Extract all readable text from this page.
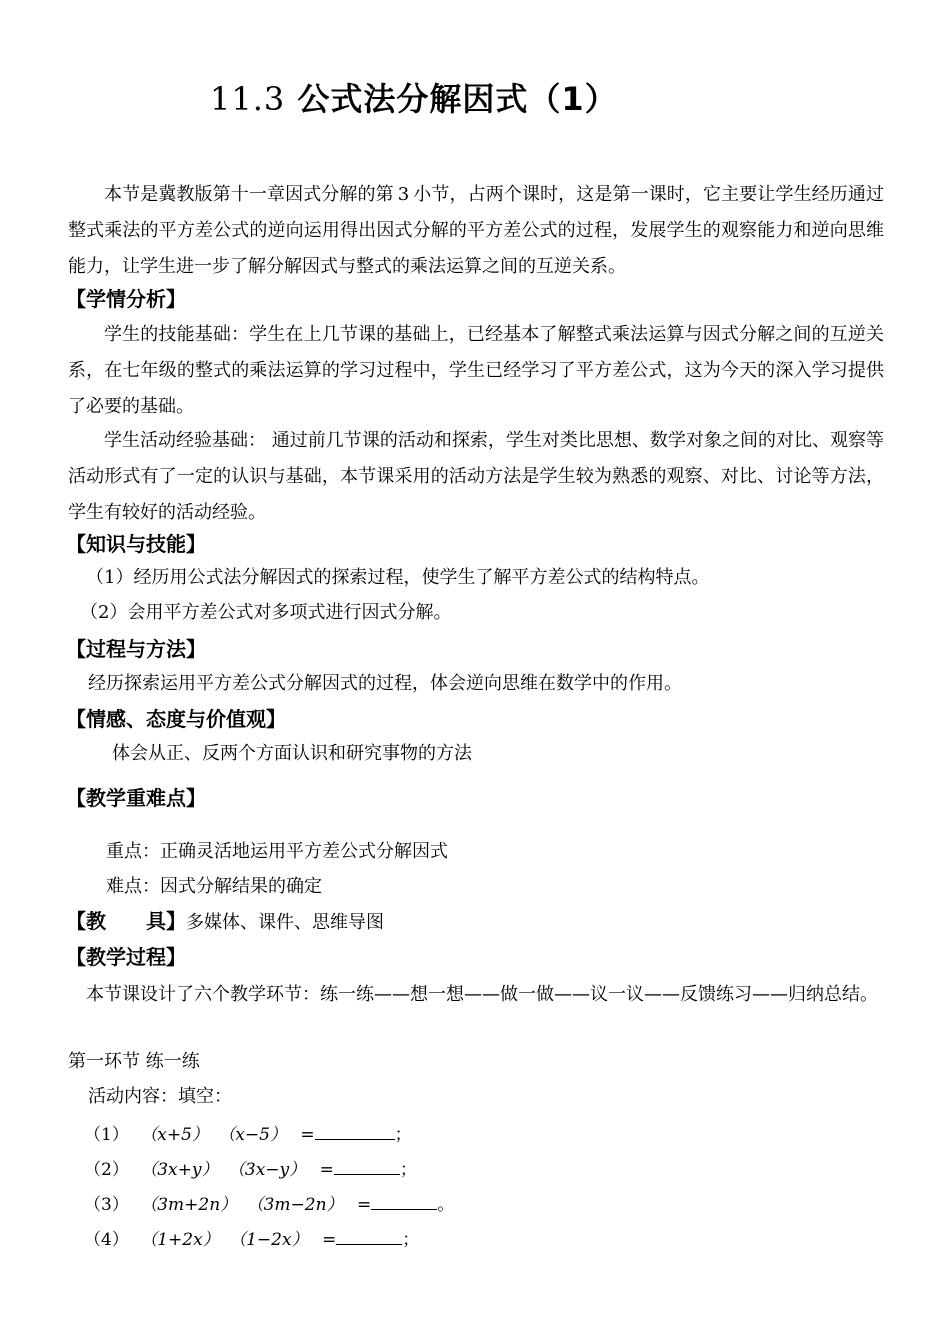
11.3 公式法分解因式（1）
本节是冀教版第十一章因式分解的第 3 小节，占两个课时，这是第一课时，它主要让学生经历通过整式乘法的平方差公式的逆向运用得出因式分解的平方差公式的过程，发展学生的观察能力和逆向思维能力，让学生进一步了解分解因式与整式的乘法运算之间的互逆关系。
【学情分析】
学生的技能基础：学生在上几节课的基础上，已经基本了解整式乘法运算与因式分解之间的互逆关系，在七年级的整式的乘法运算的学习过程中，学生已经学习了平方差公式，这为今天的深入学习提供了必要的基础。
学生活动经验基础： 通过前几节课的活动和探索，学生对类比思想、数学对象之间的对比、观察等活动形式有了一定的认识与基础，本节课采用的活动方法是学生较为熟悉的观察、对比、讨论等方法，学生有较好的活动经验。
【知识与技能】
（1）经历用公式法分解因式的探索过程，使学生了解平方差公式的结构特点。
（2）会用平方差公式对多项式进行因式分解。
【过程与方法】
经历探索运用平方差公式分解因式的过程，体会逆向思维在数学中的作用。
【情感、态度与价值观】
体会从正、反两个方面认识和研究事物的方法
【教学重难点】
重点：正确灵活地运用平方差公式分解因式
难点：因式分解结果的确定
【教　　具】多媒体、课件、思维导图
【教学过程】
本节课设计了六个教学环节：练一练——想一想——做一做——议一议——反馈练习——归纳总结。
第一环节 练一练
活动内容：填空：
（1） （x+5） （x−5） =	；
（2） （3x+y） （3x−y） =	；
（3） （3m+2n） （3m−2n） =	。
（4） （1+2x） （1−2x） =	；
